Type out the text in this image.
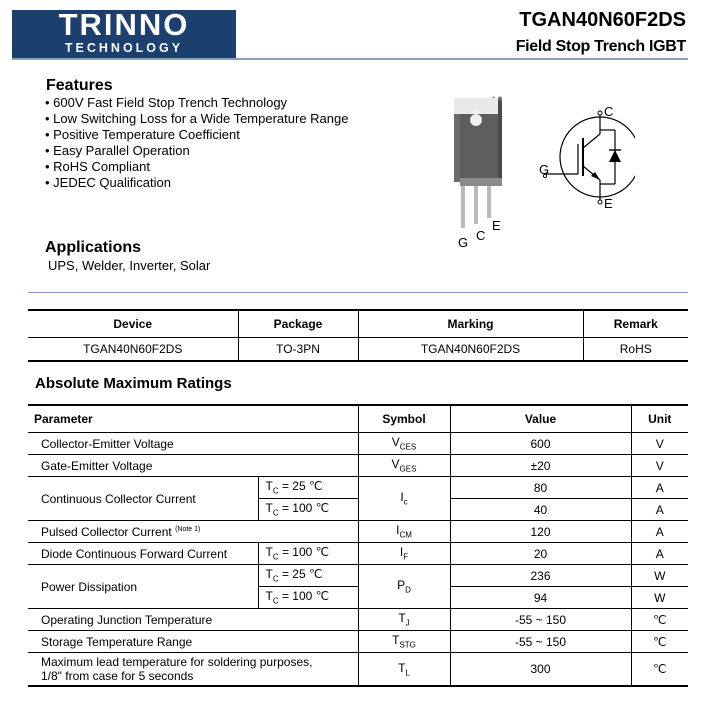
TRINNO
TECHNOLOGY
TGAN40N60F2DS
Field Stop Trench IGBT
Features
• 600V Fast Field Stop Trench Technology
• Low Switching Loss for a Wide Temperature Range
• Positive Temperature Coefficient
• Easy Parallel Operation
• RoHS Compliant
• JEDEC Qualification
G C
E
C
G
E
Applications
UPS, Welder, Inverter, Solar
Device	Package	Marking	Remark
TGAN40N60F2DS	TO-3PN	TGAN40N60F2DS	RoHS
Absolute Maximum Ratings
Parameter		Symbol	Value	Unit
Collector-Emitter Voltage		$V_{CES}$	600	V
Gate-Emitter Voltage		$V_{GES}$	±20	V
Continuous Collector Current	$T_C = 25$ ℃	$I_c$	80	A
	$T_C = 100$ ℃		40	A
Pulsed Collector Current $^{(Note 1)}$		$I_{CM}$	120	A
Diode Continuous Forward Current	$T_C = 100$ ℃	$I_F$	20	A
Power Dissipation	$T_C = 25$ ℃	$P_D$	236	W
	$T_C = 100$ ℃		94	W
Operating Junction Temperature		$T_J$	-55 ~ 150	℃
Storage Temperature Range		$T_{STG}$	-55 ~ 150	℃
Maximum lead temperature for soldering purposes,
1/8" from case for 5 seconds		$T_L$	300	℃
